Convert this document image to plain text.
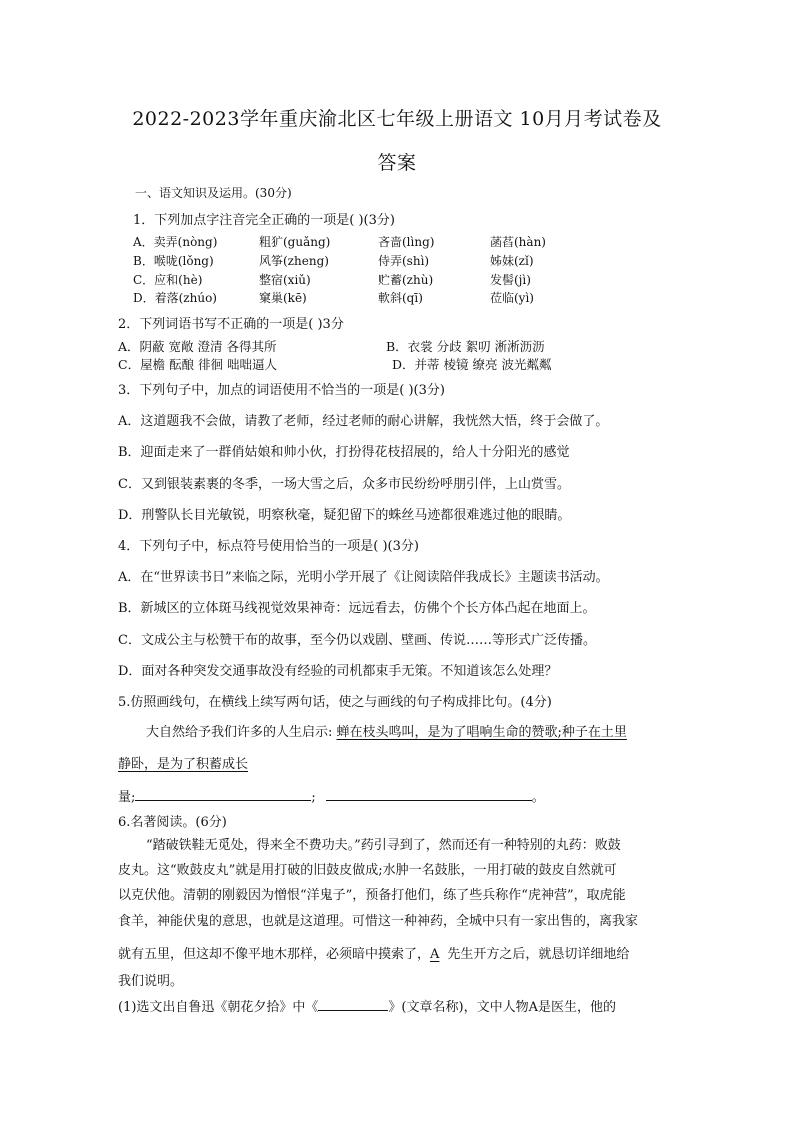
2022-2023学年重庆渝北区七年级上册语文 10月月考试卷及
答案
一、语文知识及运用。(30分)
1．下列加点字注音完全正确的一项是( )(3分)
A．卖弄(nòng)	粗犷(guǎng)	吝啬(lìng)	菡萏(hàn)
B．喉咙(lǒng)	风筝(zheng)	侍弄(shì)	姊妹(zǐ)
C．应和(hè)	整宿(xiǔ)	贮蓄(zhù)	发髻(jì)
D．着落(zhúo)	窠巢(kē)	軟斜(qī)	莅临(yì)
2．下列词语书写不正确的一项是( )3分
A．阴蔽 宽敞 澄清 各得其所	B．衣裳 分歧 絮叨 淅淅沥沥
C．屋檐 酝酿 徘徊 咄咄逼人	D．并蒂 棱镜 缭亮 波光粼粼
3．下列句子中，加点的词语使用不恰当的一项是( )(3分)
A．这道题我不会做，请教了老师，经过老师的耐心讲解，我恍然大悟，终于会做了。
B．迎面走来了一群俏姑娘和帅小伙，打扮得花枝招展的，给人十分阳光的感觉
C．又到银装素裹的冬季，一场大雪之后，众多市民纷纷呼朋引伴，上山赏雪。
D．刑警队长目光敏锐，明察秋毫，疑犯留下的蛛丝马迹都很难逃过他的眼睛。
4．下列句子中，标点符号使用恰当的一项是( )(3分)
A．在“世界读书日”来临之际，光明小学开展了《让阅读陪伴我成长》主题读书活动。
B．新城区的立体斑马线视觉效果神奇：远远看去，仿佛个个长方体凸起在地面上。
C．文成公主与松赞干布的故事，至今仍以戏剧、壁画、传说……等形式广泛传播。
D．面对各种突发交通事故没有经验的司机都束手无策。不知道该怎么处理？
5.仿照画线句，在横线上续写两句话，使之与画线的句子构成排比句。(4分)
大自然给予我们许多的人生启示: 蝉在枝头鸣叫，是为了唱响生命的赞歌;种子在土里
静卧，是为了积蓄成长
量;	;	。
6.名著阅读。(6分)
“踏破铁鞋无觅处，得来全不费功夫。”药引寻到了，然而还有一种特别的丸药：败鼓
皮丸。这“败鼓皮丸”就是用打破的旧鼓皮做成;水肿一名鼓胀，一用打破的鼓皮自然就可
以克伏他。清朝的刚毅因为憎恨“洋鬼子”，预备打他们，练了些兵称作“虎神营”，取虎能
食羊，神能伏鬼的意思，也就是这道理。可惜这一种神药，全城中只有一家出售的，离我家
就有五里，但这却不像平地木那样，必须暗中摸索了，A 先生开方之后，就恳切详细地给
我们说明。
(1)选文出自鲁迅《朝花夕拾》中《	》(文章名称)，文中人物A是医生，他的
